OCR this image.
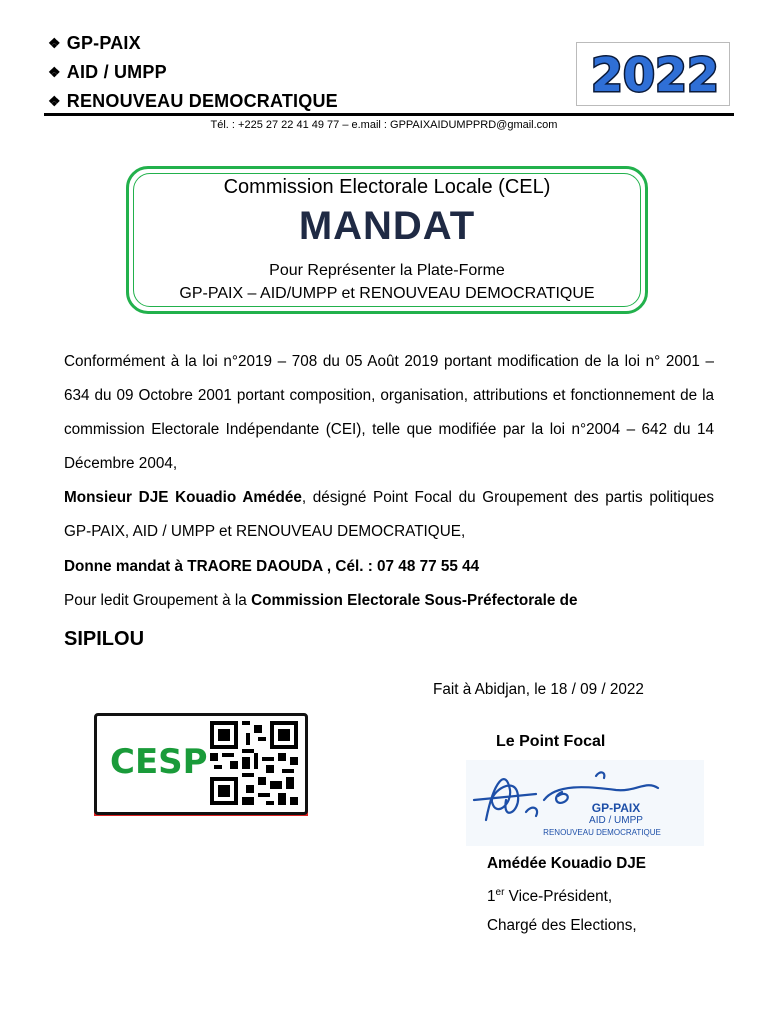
❖ GP-PAIX
❖ AID / UMPP
❖ RENOUVEAU DEMOCRATIQUE	2022
Tél. : +225 27 22 41 49 77 – e.mail : GPPAIXAIDUMPPRD@gmail.com
Commission Electorale Locale (CEL)
MANDAT
Pour Représenter la Plate-Forme
GP-PAIX – AID/UMPP et RENOUVEAU DEMOCRATIQUE
Conformément à la loi n°2019 – 708 du 05 Août 2019 portant modification de la loi n° 2001 – 634 du 09 Octobre 2001 portant composition, organisation, attributions et fonctionnement de la commission Electorale Indépendante (CEI), telle que modifiée par la loi n°2004 – 642 du 14 Décembre 2004,
Monsieur DJE Kouadio Amédée, désigné Point Focal du Groupement des partis politiques GP-PAIX, AID / UMPP et RENOUVEAU DEMOCRATIQUE,
Donne mandat à TRAORE DAOUDA , Cél. : 07 48 77 55 44
Pour ledit Groupement à la Commission Electorale Sous-Préfectorale de
SIPILOU
Fait à Abidjan, le 18 / 09 / 2022
Le Point Focal
GP-PAIX
AID / UMPP
RENOUVEAU DEMOCRATIQUE
Amédée Kouadio DJE
1er Vice-Président,
Chargé des Elections,
CESP
